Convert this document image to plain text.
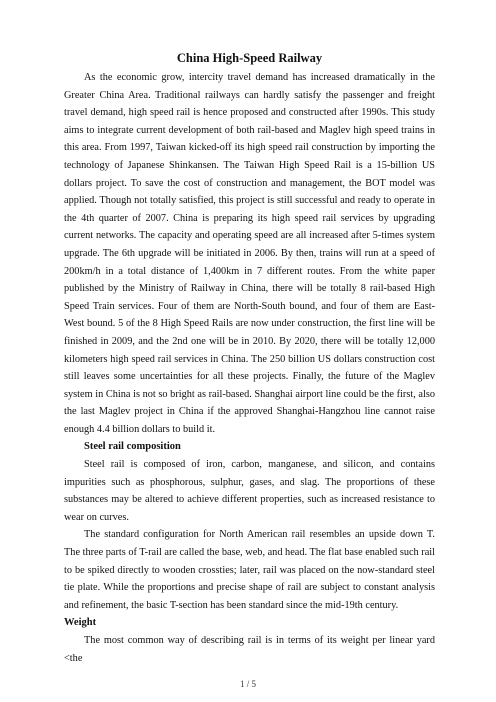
China High-Speed Railway

As the economic grow, intercity travel demand has increased dramatically in the Greater China Area. Traditional railways can hardly satisfy the passenger and freight travel demand, high speed rail is hence proposed and constructed after 1990s. This study aims to integrate current development of both rail-based and Maglev high speed trains in this area. From 1997, Taiwan kicked-off its high speed rail construction by importing the technology of Japanese Shinkansen. The Taiwan High Speed Rail is a 15-billion US dollars project. To save the cost of construction and management, the BOT model was applied. Though not totally satisfied, this project is still successful and ready to operate in the 4th quarter of 2007. China is preparing its high speed rail services by upgrading current networks. The capacity and operating speed are all increased after 5-times system upgrade. The 6th upgrade will be initiated in 2006. By then, trains will run at a speed of 200km/h in a total distance of 1,400km in 7 different routes. From the white paper published by the Ministry of Railway in China, there will be totally 8 rail-based High Speed Train services. Four of them are North-South bound, and four of them are East-West bound. 5 of the 8 High Speed Rails are now under construction, the first line will be finished in 2009, and the 2nd one will be in 2010. By 2020, there will be totally 12,000 kilometers high speed rail services in China. The 250 billion US dollars construction cost still leaves some uncertainties for all these projects. Finally, the future of the Maglev system in China is not so bright as rail-based. Shanghai airport line could be the first, also the last Maglev project in China if the approved Shanghai-Hangzhou line cannot raise enough 4.4 billion dollars to build it.

Steel rail composition

Steel rail is composed of iron, carbon, manganese, and silicon, and contains impurities such as phosphorous, sulphur, gases, and slag. The proportions of these substances may be altered to achieve different properties, such as increased resistance to wear on curves.

The standard configuration for North American rail resembles an upside down T. The three parts of T-rail are called the base, web, and head. The flat base enabled such rail to be spiked directly to wooden crossties; later, rail was placed on the now-standard steel tie plate. While the proportions and precise shape of rail are subject to constant analysis and refinement, the basic T-section has been standard since the mid-19th century.

Weight

The most common way of describing rail is in terms of its weight per linear yard <the

1 / 5
